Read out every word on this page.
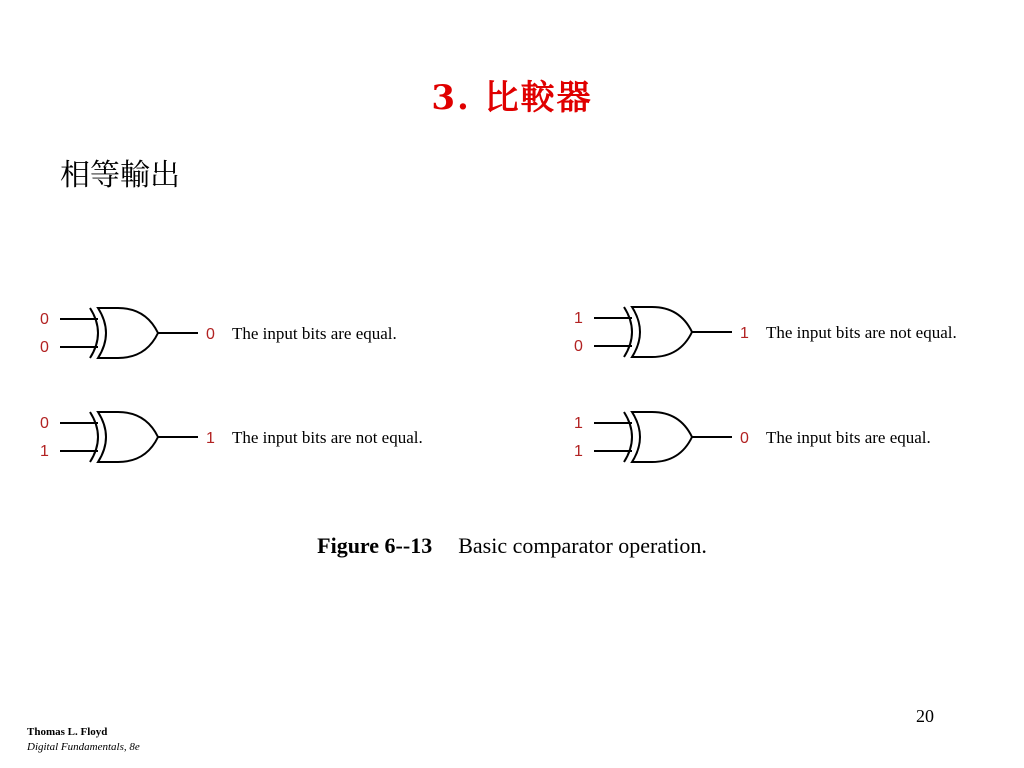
3. 比較器
相等輸出
0
0
0 The input bits are equal.
1
0
1 The input bits are not equal.
0
1
1 The input bits are not equal.
1
1
0 The input bits are equal.
Figure 6--13 Basic comparator operation.
20
Thomas L. Floyd
Digital Fundamentals, 8e
